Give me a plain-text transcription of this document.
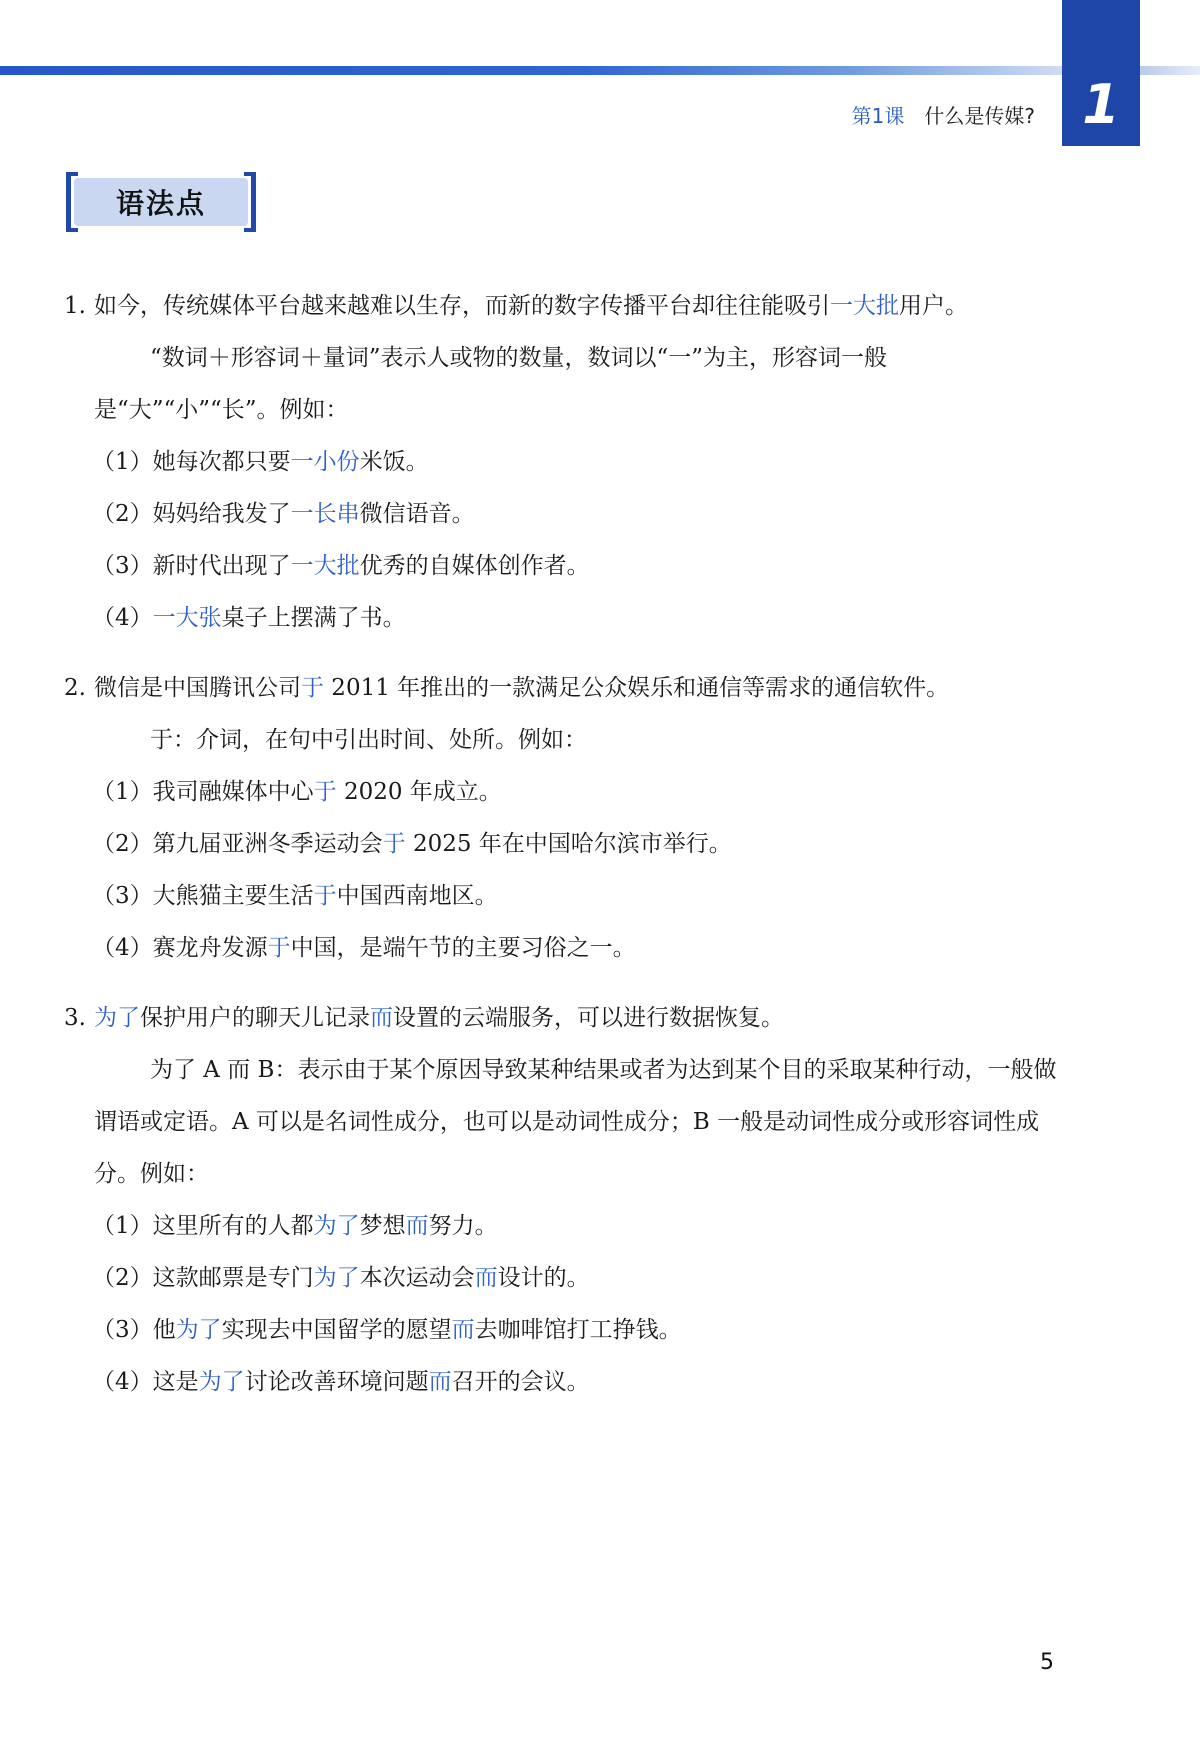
1
第1课 什么是传媒?
语法点
1. 如今，传统媒体平台越来越难以生存，而新的数字传播平台却往往能吸引一大批用户。
“数词＋形容词＋量词”表示人或物的数量，数词以“一”为主，形容词一般是“大”“小”“长”。例如：
（1）她每次都只要一小份米饭。
（2）妈妈给我发了一长串微信语音。
（3）新时代出现了一大批优秀的自媒体创作者。
（4）一大张桌子上摆满了书。
2. 微信是中国腾讯公司于 2011 年推出的一款满足公众娱乐和通信等需求的通信软件。
于：介词，在句中引出时间、处所。例如：
（1）我司融媒体中心于 2020 年成立。
（2）第九届亚洲冬季运动会于 2025 年在中国哈尔滨市举行。
（3）大熊猫主要生活于中国西南地区。
（4）赛龙舟发源于中国，是端午节的主要习俗之一。
3. 为了保护用户的聊天儿记录而设置的云端服务，可以进行数据恢复。
为了 A 而 B：表示由于某个原因导致某种结果或者为达到某个目的采取某种行动，一般做谓语或定语。A 可以是名词性成分，也可以是动词性成分；B 一般是动词性成分或形容词性成分。例如：
（1）这里所有的人都为了梦想而努力。
（2）这款邮票是专门为了本次运动会而设计的。
（3）他为了实现去中国留学的愿望而去咖啡馆打工挣钱。
（4）这是为了讨论改善环境问题而召开的会议。
5
